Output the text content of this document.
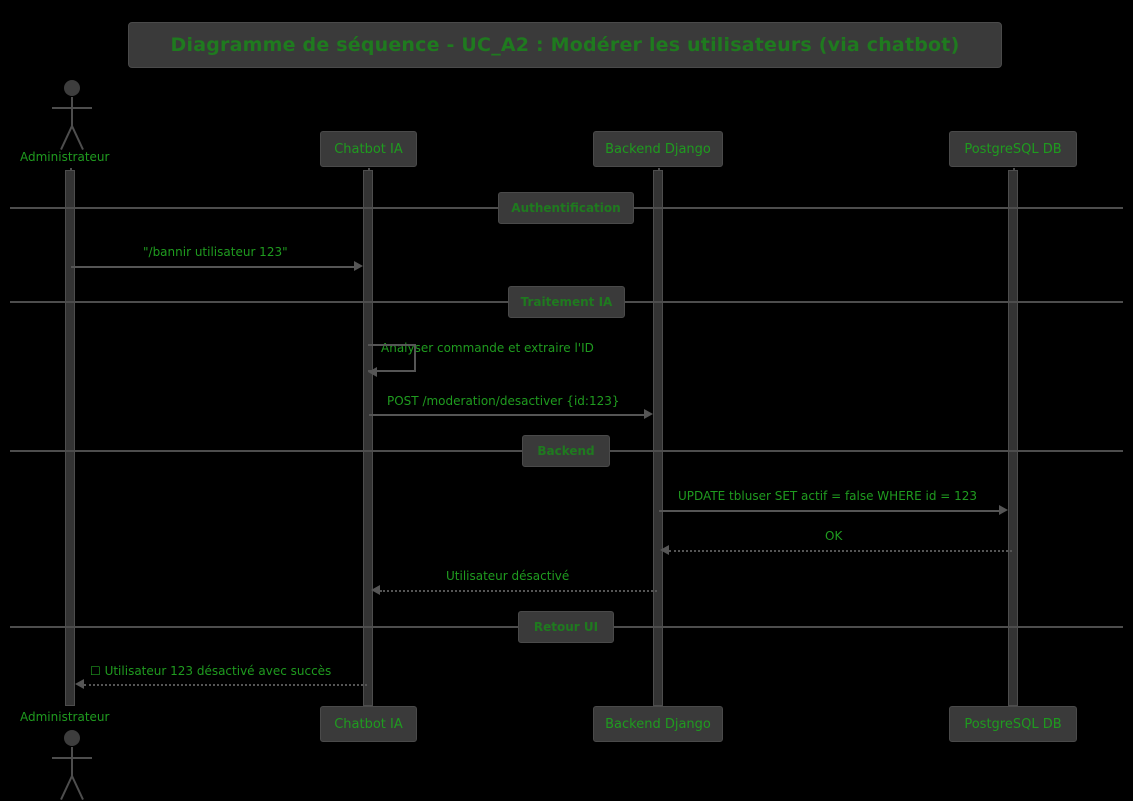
Diagramme de séquence - UC_A2 : Modérer les utilisateurs (via chatbot)
Administrateur
Chatbot IA	Backend Django	PostgreSQL DB
Authentification
"/bannir utilisateur 123"
Traitement IA
Analyser commande et extraire l'ID
POST /moderation/desactiver {id:123}
Backend
UPDATE tbluser SET actif = false WHERE id = 123
OK
Utilisateur désactivé
Retour UI
☐ Utilisateur 123 désactivé avec succès
Administrateur	Chatbot IA	Backend Django	PostgreSQL DB
